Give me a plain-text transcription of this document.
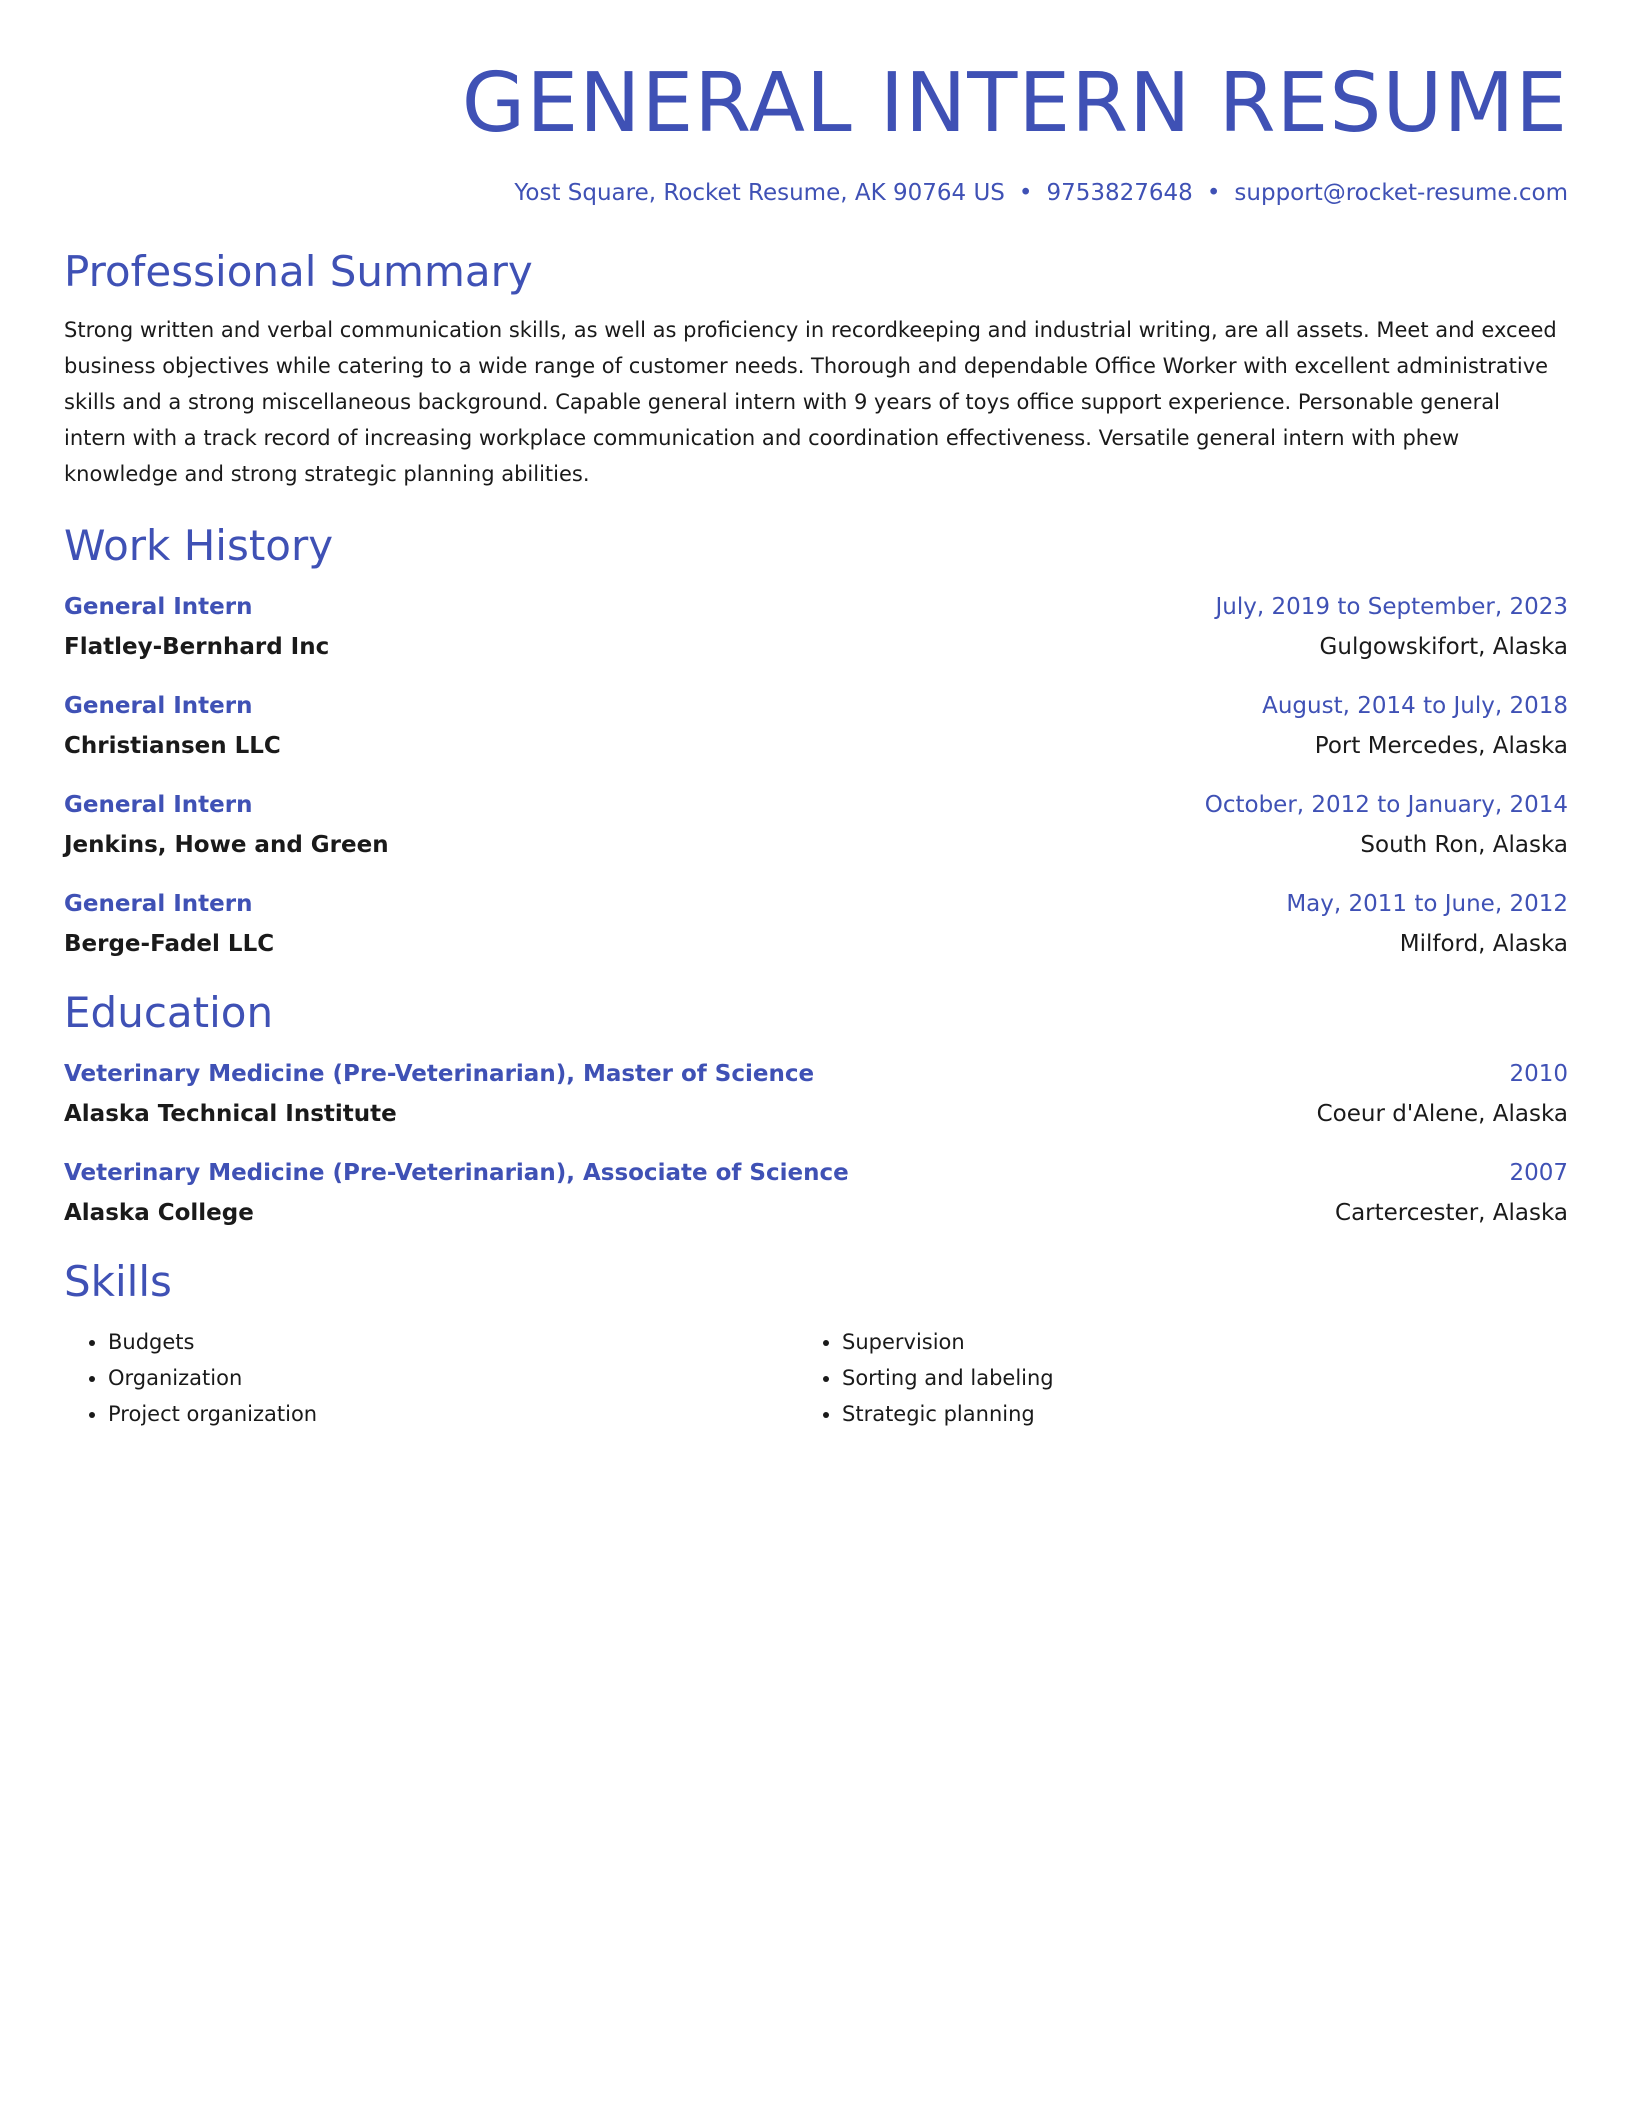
GENERAL INTERN RESUME
Yost Square, Rocket Resume, AK 90764 US • 9753827648 • support@rocket-resume.com
Professional Summary

Strong written and verbal communication skills, as well as proficiency in recordkeeping and industrial writing, are all assets. Meet and exceed business objectives while catering to a wide range of customer needs. Thorough and dependable Office Worker with excellent administrative skills and a strong miscellaneous background. Capable general intern with 9 years of toys office support experience. Personable general intern with a track record of increasing workplace communication and coordination effectiveness. Versatile general intern with phew knowledge and strong strategic planning abilities.

Work History
General Intern	July, 2019 to September, 2023
Flatley-Bernhard Inc	Gulgowskifort, Alaska
General Intern	August, 2014 to July, 2018
Christiansen LLC	Port Mercedes, Alaska
General Intern	October, 2012 to January, 2014
Jenkins, Howe and Green	South Ron, Alaska
General Intern	May, 2011 to June, 2012
Berge-Fadel LLC	Milford, Alaska
Education
Veterinary Medicine (Pre-Veterinarian), Master of Science	2010
Alaska Technical Institute	Coeur d'Alene, Alaska
Veterinary Medicine (Pre-Veterinarian), Associate of Science	2007
Alaska College	Cartercester, Alaska
Skills
• Budgets
• Organization
• Project organization
• Supervision
• Sorting and labeling
• Strategic planning
